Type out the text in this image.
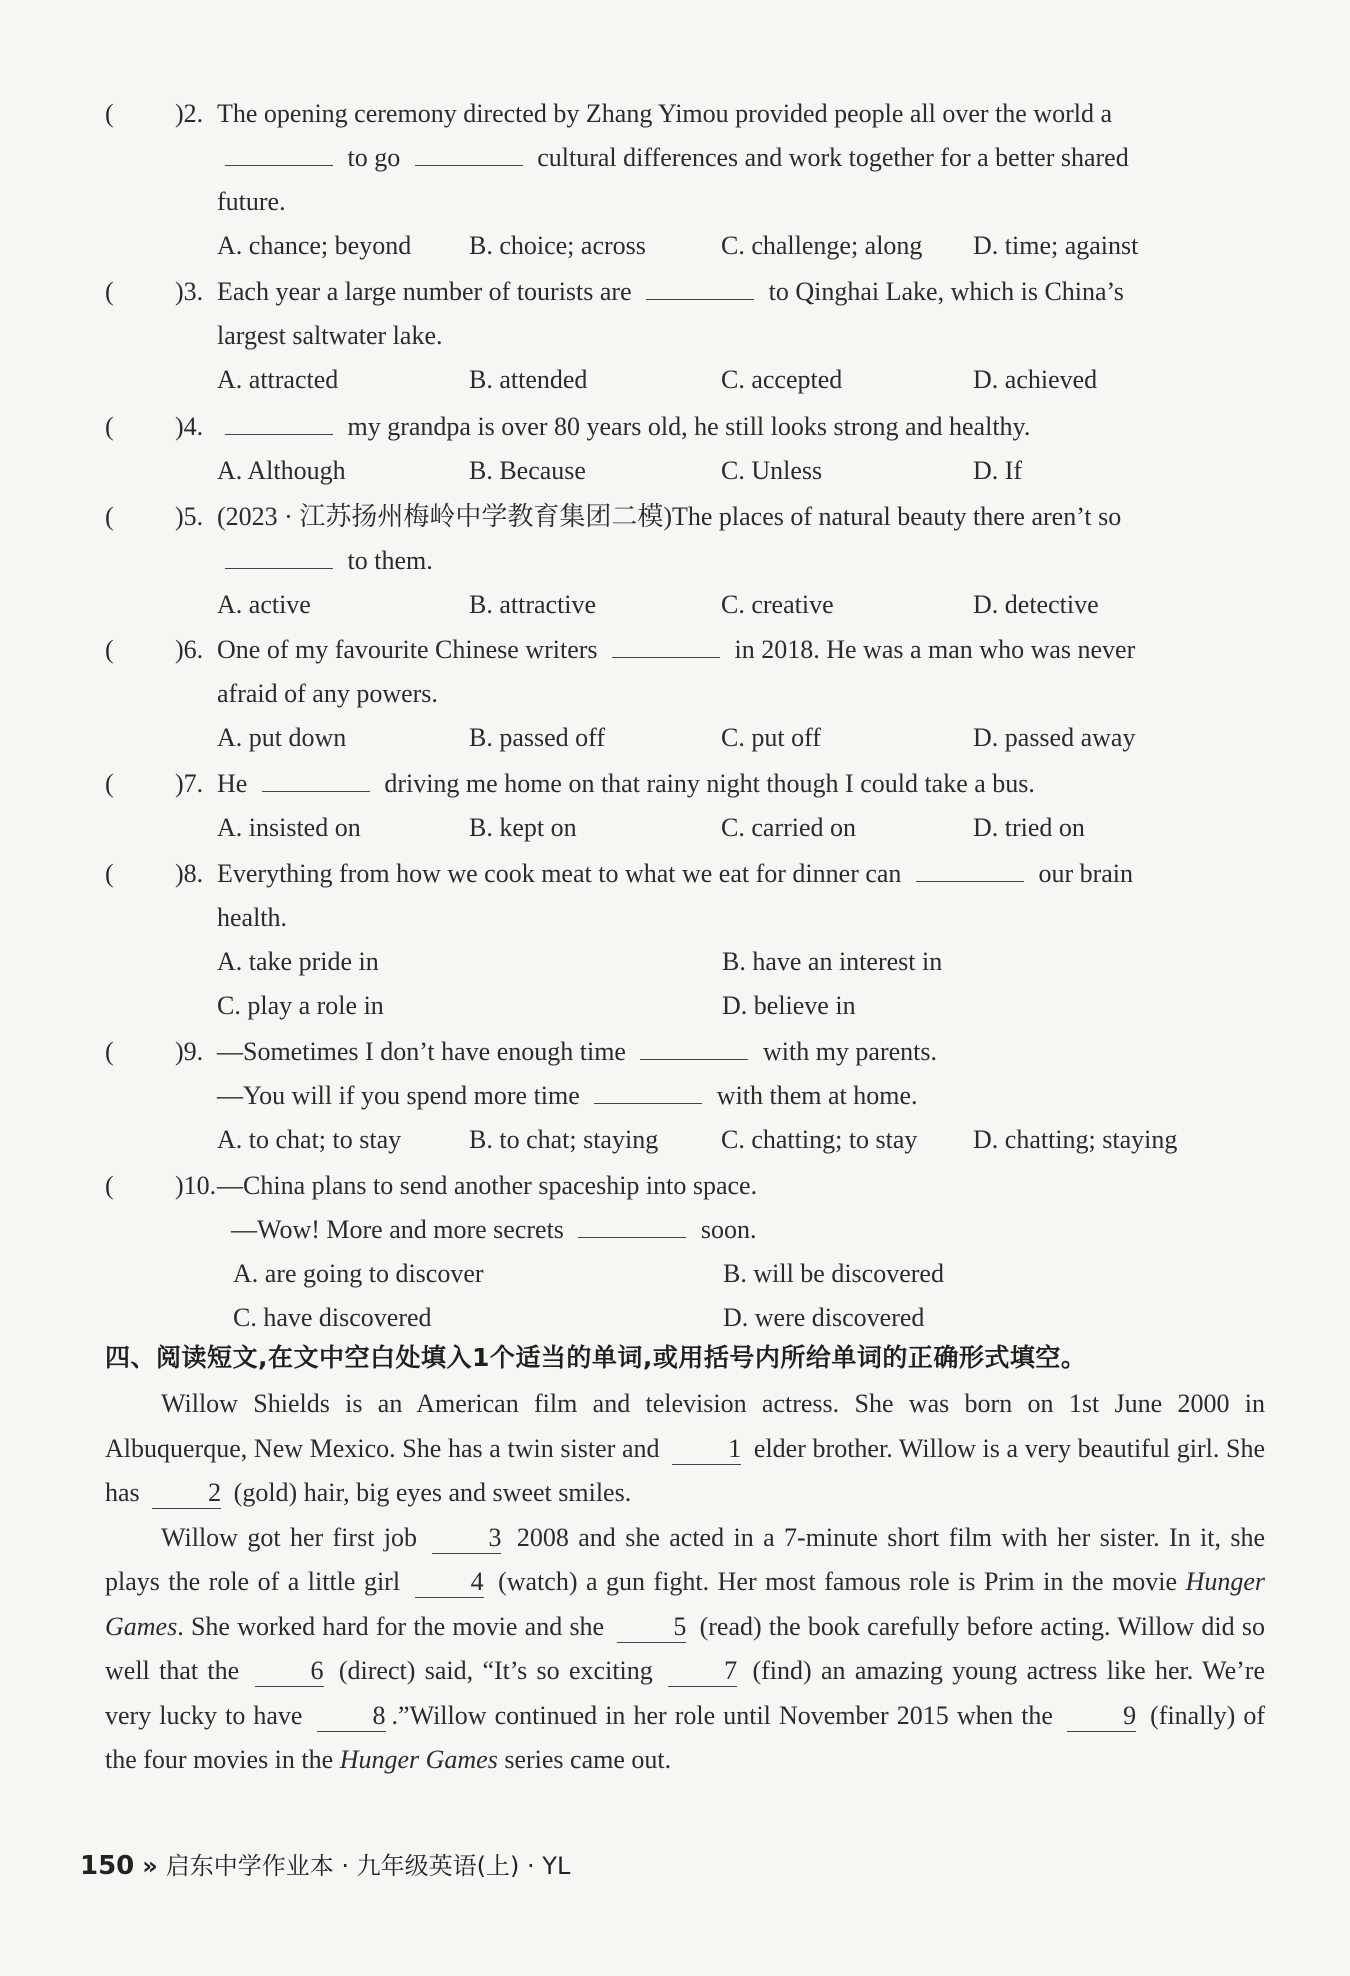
( )2. The opening ceremony directed by Zhang Yimou provided people all over the world a
to go	cultural differences and work together for a better shared
future.
A. chance; beyond	B. choice; across	C. challenge; along	D. time; against
( )3. Each year a large number of tourists are	to Qinghai Lake, which is China’s
largest saltwater lake.
A. attracted	B. attended	C. accepted	D. achieved
( )4.	my grandpa is over 80 years old, he still looks strong and healthy.
A. Although	B. Because	C. Unless	D. If
( )5. (2023 · 江苏扬州梅岭中学教育集团二模)The places of natural beauty there aren’t so
to them.
A. active	B. attractive	C. creative	D. detective
( )6. One of my favourite Chinese writers	in 2018. He was a man who was never
afraid of any powers.
A. put down	B. passed off	C. put off	D. passed away
( )7. He	driving me home on that rainy night though I could take a bus.
A. insisted on	B. kept on	C. carried on	D. tried on
( )8. Everything from how we cook meat to what we eat for dinner can	our brain
health.
A. take pride in	B. have an interest in
C. play a role in	D. believe in
( )9. —Sometimes I don’t have enough time	with my parents.
—You will if you spend more time	with them at home.
A. to chat; to stay	B. to chat; staying	C. chatting; to stay	D. chatting; staying
( )10. —China plans to send another spaceship into space.
—Wow! More and more secrets	soon.
A. are going to discover	B. will be discovered
C. have discovered	D. were discovered
四、阅读短文,在文中空白处填入1个适当的单词,或用括号内所给单词的正确形式填空。

Willow Shields is an American film and television actress. She was born on 1st June 2000 in Albuquerque, New Mexico. She has a twin sister and	1 elder brother. Willow is a very beautiful girl. She has	2 (gold) hair, big eyes and sweet smiles.

Willow got her first job	3 2008 and she acted in a 7-minute short film with her sister. In it, she plays the role of a little girl	4 (watch) a gun fight. Her most famous role is Prim in the movie Hunger Games. She worked hard for the movie and she	5 (read) the book carefully before acting. Willow did so well that the	6 (direct) said, “It’s so exciting	7 (find) an amazing young actress like her. We’re very lucky to have	8 .”Willow continued in her role until November 2015 when the	9 (finally) of the four movies in the Hunger Games series came out.

150 » 启东中学作业本 · 九年级英语(上) · YL
